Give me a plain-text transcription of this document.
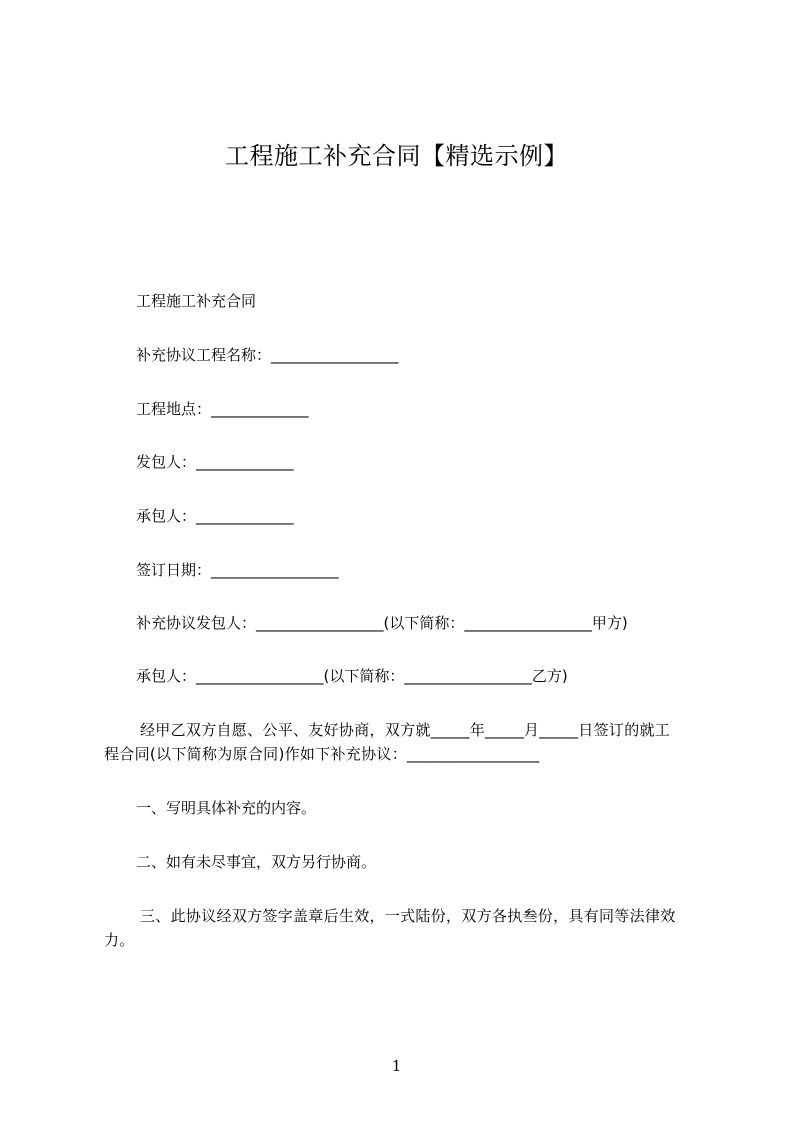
工程施工补充合同【精选示例】
工程施工补充合同
补充协议工程名称：_________________
工程地点：_____________
发包人：_____________
承包人：_____________
签订日期：_________________
补充协议发包人：_________________(以下简称：_________________甲方)
承包人：_________________(以下简称：_________________乙方)
经甲乙双方自愿、公平、友好协商，双方就_____年_____月_____日签订的就工
程合同(以下简称为原合同)作如下补充协议：_________________
一、写明具体补充的内容。
二、如有未尽事宜，双方另行协商。
三、此协议经双方签字盖章后生效，一式陆份，双方各执叁份，具有同等法律效
力。
1
